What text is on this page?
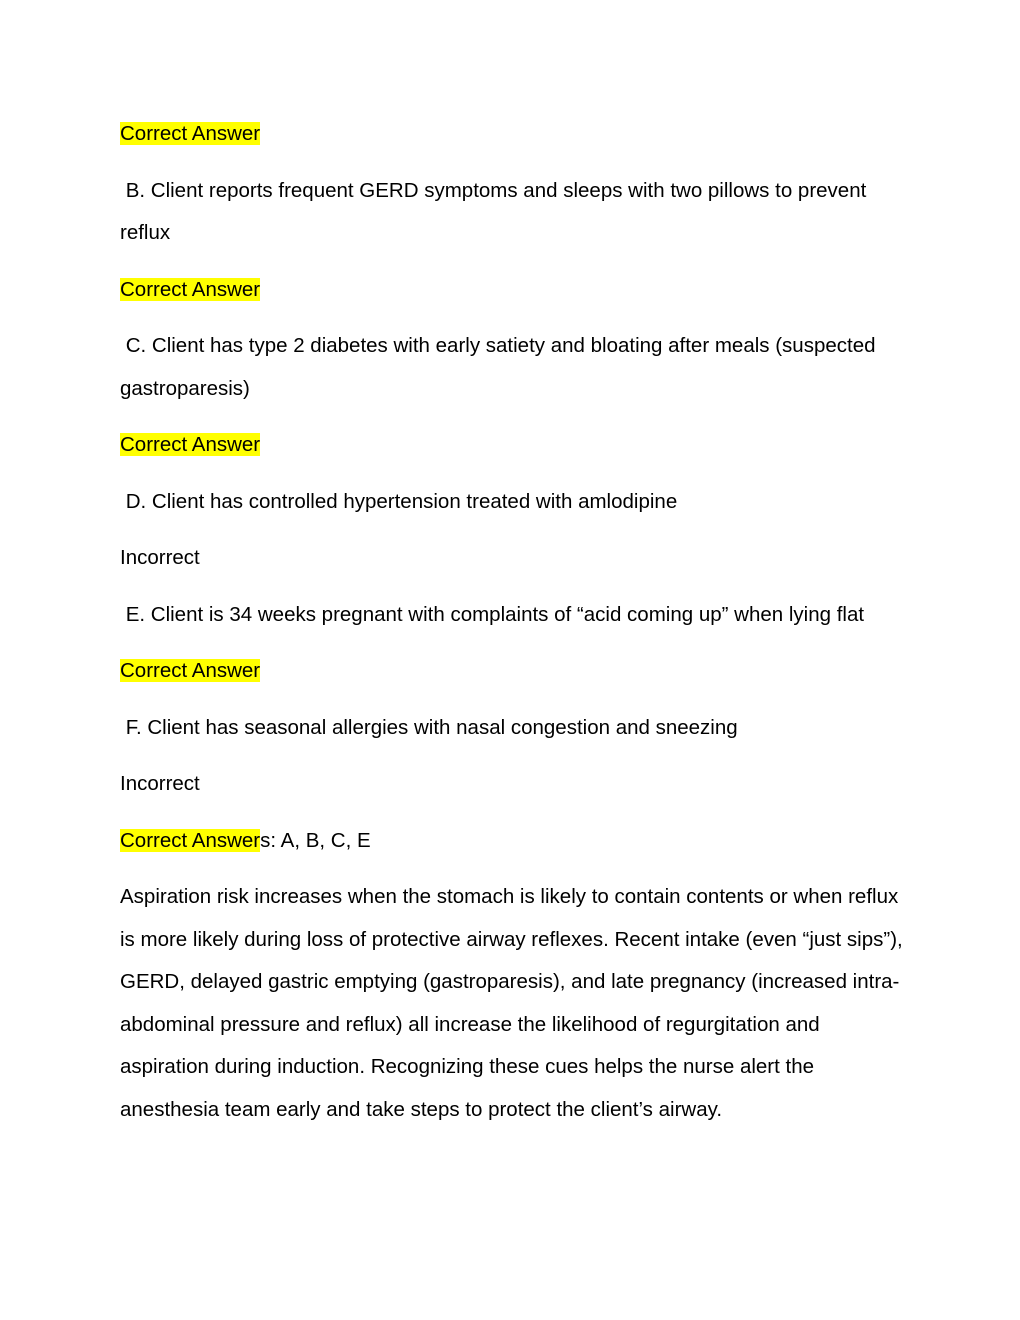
Correct Answer

B. Client reports frequent GERD symptoms and sleeps with two pillows to prevent reflux

Correct Answer

C. Client has type 2 diabetes with early satiety and bloating after meals (suspected gastroparesis)

Correct Answer

D. Client has controlled hypertension treated with amlodipine

Incorrect

E. Client is 34 weeks pregnant with complaints of “acid coming up” when lying flat

Correct Answer

F. Client has seasonal allergies with nasal congestion and sneezing

Incorrect

Correct Answers: A, B, C, E

Aspiration risk increases when the stomach is likely to contain contents or when reflux is more likely during loss of protective airway reflexes. Recent intake (even “just sips”), GERD, delayed gastric emptying (gastroparesis), and late pregnancy (increased intra-abdominal pressure and reflux) all increase the likelihood of regurgitation and aspiration during induction. Recognizing these cues helps the nurse alert the anesthesia team early and take steps to protect the client’s airway.
